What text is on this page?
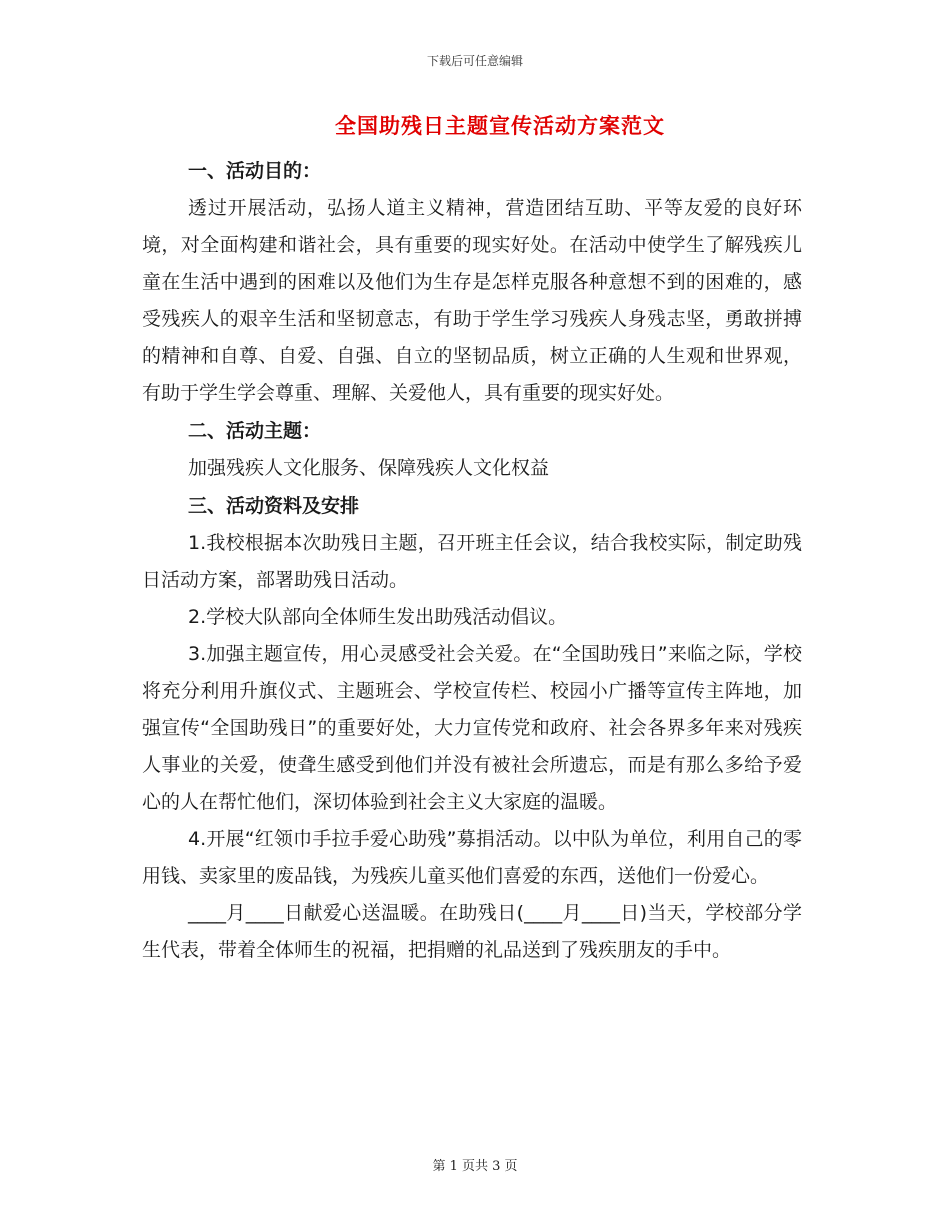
下载后可任意编辑
全国助残日主题宣传活动方案范文

一、活动目的：

透过开展活动，弘扬人道主义精神，营造团结互助、平等友爱的良好环境，对全面构建和谐社会，具有重要的现实好处。在活动中使学生了解残疾儿童在生活中遇到的困难以及他们为生存是怎样克服各种意想不到的困难的，感受残疾人的艰辛生活和坚韧意志，有助于学生学习残疾人身残志坚，勇敢拼搏的精神和自尊、自爱、自强、自立的坚韧品质，树立正确的人生观和世界观，有助于学生学会尊重、理解、关爱他人，具有重要的现实好处。

二、活动主题：

加强残疾人文化服务、保障残疾人文化权益

三、活动资料及安排

1.我校根据本次助残日主题，召开班主任会议，结合我校实际，制定助残日活动方案，部署助残日活动。

2.学校大队部向全体师生发出助残活动倡议。

3.加强主题宣传，用心灵感受社会关爱。在“全国助残日”来临之际，学校将充分利用升旗仪式、主题班会、学校宣传栏、校园小广播等宣传主阵地，加强宣传“全国助残日”的重要好处，大力宣传党和政府、社会各界多年来对残疾人事业的关爱，使聋生感受到他们并没有被社会所遗忘，而是有那么多给予爱心的人在帮忙他们，深切体验到社会主义大家庭的温暖。

4.开展“红领巾手拉手爱心助残”募捐活动。以中队为单位，利用自己的零用钱、卖家里的废品钱，为残疾儿童买他们喜爱的东西，送他们一份爱心。

____月____日献爱心送温暖。在助残日(____月____日)当天，学校部分学生代表，带着全体师生的祝福，把捐赠的礼品送到了残疾朋友的手中。

第 1 页共 3 页
